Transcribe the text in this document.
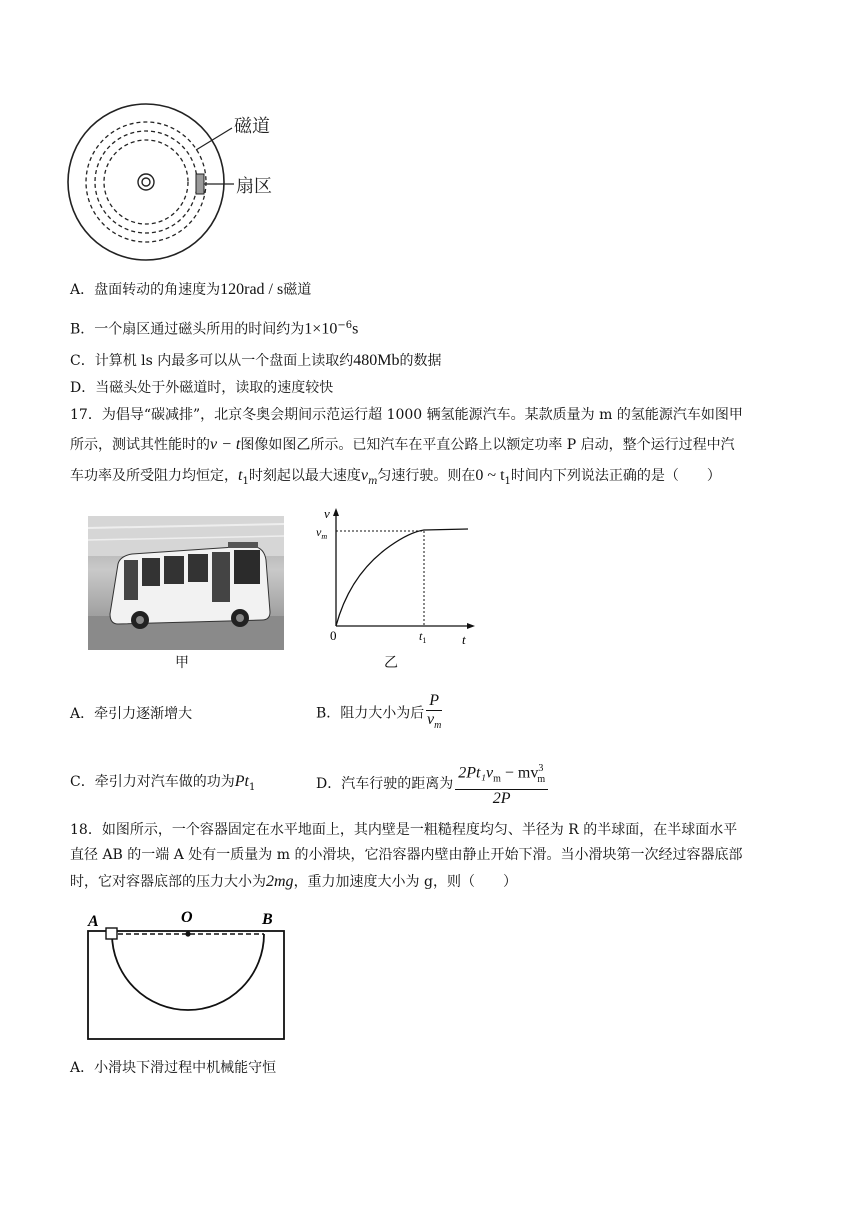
磁道
扇区
A．盘面转动的角速度为120rad / s磁道
B．一个扇区通过磁头所用的时间约为$1\times 10^{-6}s$
C．计算机 ls 内最多可以从一个盘面上读取约480Mb的数据
D．当磁头处于外磁道时，读取的速度较快
17．为倡导“碳减排”，北京冬奥会期间示范运行超 1000 辆氢能源汽车。某款质量为 m 的氢能源汽车如图甲
所示，测试其性能时的v − t图像如图乙所示。已知汽车在平直公路上以额定功率 P 启动，整个运行过程中汽
车功率及所受阻力均恒定，$t_1$时刻起以最大速度$v_m$匀速行驶。则在0 ~ $t_1$时间内下列说法正确的是（　　）
甲
v
t
$v_m$
0	$t_1$
乙
A．牵引力逐渐增大	B．阻力大小为后 $\frac{P}{v_m}$
C．牵引力对汽车做的功为$Pt_1$	D．汽车行驶的距离为 $\frac{2Pt_1v_m - mv^3_m}{2P}$
18．如图所示，一个容器固定在水平地面上，其内壁是一粗糙程度均匀、半径为 R 的半球面，在半球面水平
直径 AB 的一端 A 处有一质量为 m 的小滑块，它沿容器内壁由静止开始下滑。当小滑块第一次经过容器底部
时，它对容器底部的压力大小为2mg，重力加速度大小为 g，则（　　）
A	O	B
A．小滑块下滑过程中机械能守恒
